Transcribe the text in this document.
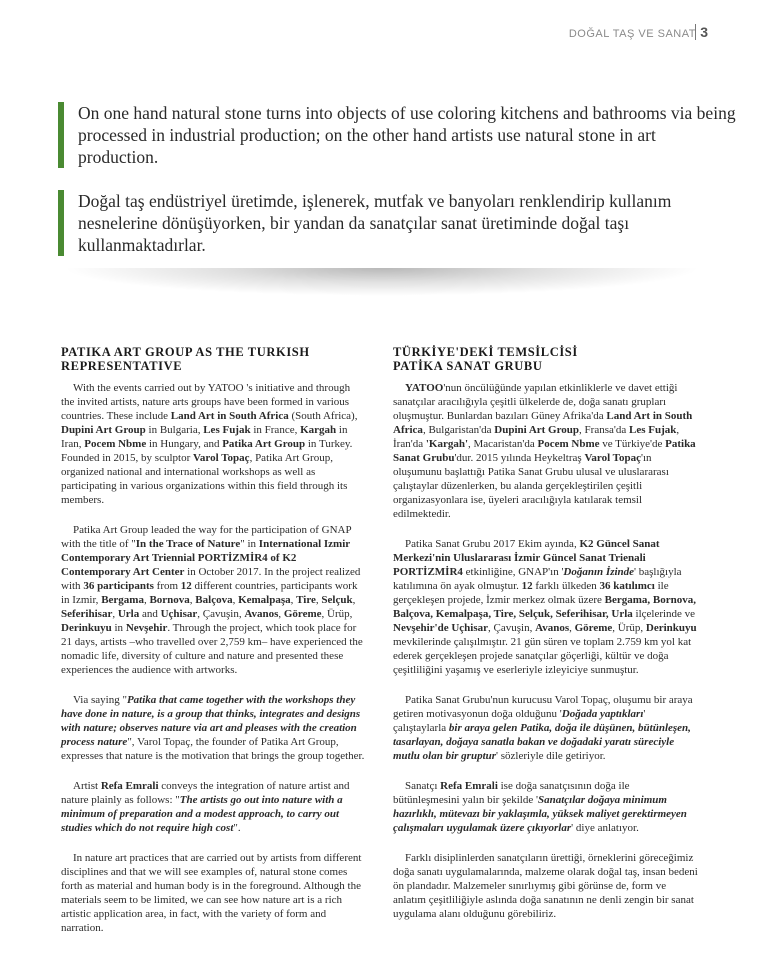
DOĞAL TAŞ VE SANAT 3
On one hand natural stone turns into objects of use coloring kitchens and bathrooms via being processed in industrial production; on the other hand artists use natural stone in art production.
Doğal taş endüstriyel üretimde, işlenerek, mutfak ve banyoları renklendirip kullanım nesnelerine dönüşüyorken, bir yandan da sanatçılar sanat üretiminde doğal taşı kullanmaktadırlar.
PATIKA ART GROUP AS THE TURKISH REPRESENTATIVE

With the events carried out by YATOO 's initiative and through the invited artists, nature arts groups have been formed in various countries. These include Land Art in South Africa (South Africa), Dupini Art Group in Bulgaria, Les Fujak in France, Kargah in Iran, Pocem Nbme in Hungary, and Patika Art Group in Turkey. Founded in 2015, by sculptor Varol Topaç, Patika Art Group, organized national and international workshops as well as participating in various organizations within this field through its members.

Patika Art Group leaded the way for the participation of GNAP with the title of "In the Trace of Nature" in International Izmir Contemporary Art Triennial PORTİZMİR4 of K2 Contemporary Art Center in October 2017. In the project realized with 36 participants from 12 different countries, participants work in Izmir, Bergama, Bornova, Balçova, Kemalpaşa, Tire, Selçuk, Seferihisar, Urla and Uçhisar, Çavuşin, Avanos, Göreme, Ürüp, Derinkuyu in Nevşehir. Through the project, which took place for 21 days, artists –who travelled over 2,759 km– have experienced the nomadic life, diversity of culture and nature and presented these experiences the audience with artworks.

Via saying "Patika that came together with the workshops they have done in nature, is a group that thinks, integrates and designs with nature; observes nature via art and pleases with the creation process nature", Varol Topaç, the founder of Patika Art Group, expresses that nature is the motivation that brings the group together.

Artist Refa Emrali conveys the integration of nature artist and nature plainly as follows: "The artists go out into nature with a minimum of preparation and a modest approach, to carry out studies which do not require high cost".

In nature art practices that are carried out by artists from different disciplines and that we will see examples of, natural stone comes forth as material and human body is in the foreground. Although the materials seem to be limited, we can see how nature art is a rich artistic application area, in fact, with the variety of form and narration.

TÜRKİYE'DEKİ TEMSİLCİSİ
PATİKA SANAT GRUBU

YATOO'nun öncülüğünde yapılan etkinliklerle ve davet ettiği sanatçılar aracılığıyla çeşitli ülkelerde de, doğa sanatı grupları oluşmuştur. Bunlardan bazıları Güney Afrika'da Land Art in South Africa, Bulgaristan'da Dupini Art Group, Fransa'da Les Fujak, İran'da 'Kargah', Macaristan'da Pocem Nbme ve Türkiye'de Patika Sanat Grubu'dur. 2015 yılında Heykeltraş Varol Topaç'ın oluşumunu başlattığı Patika Sanat Grubu ulusal ve uluslararası çalıştaylar düzenlerken, bu alanda gerçekleştirilen çeşitli organizasyonlara ise, üyeleri aracılığıyla katılarak temsil edilmektedir.

Patika Sanat Grubu 2017 Ekim ayında, K2 Güncel Sanat Merkezi'nin Uluslararası İzmir Güncel Sanat Trienali PORTİZMİR4 etkinliğine, GNAP'ın 'Doğanın İzinde' başlığıyla katılımına ön ayak olmuştur. 12 farklı ülkeden 36 katılımcı ile gerçekleşen projede, İzmir merkez olmak üzere Bergama, Bornova, Balçova, Kemalpaşa, Tire, Selçuk, Seferihisar, Urla ilçelerinde ve Nevşehir'de Uçhisar, Çavuşin, Avanos, Göreme, Ürüp, Derinkuyu mevkilerinde çalışılmıştır. 21 gün süren ve toplam 2.759 km yol kat ederek gerçekleşen projede sanatçılar göçerliği, kültür ve doğa çeşitliliğini yaşamış ve eserleriyle izleyiciye sunmuştur.

Patika Sanat Grubu'nun kurucusu Varol Topaç, oluşumu bir araya getiren motivasyonun doğa olduğunu 'Doğada yaptıkları' çalıştaylarla bir araya gelen Patika, doğa ile düşünen, bütünleşen, tasarlayan, doğaya sanatla bakan ve doğadaki yaratı süreciyle mutlu olan bir gruptur' sözleriyle dile getiriyor.

Sanatçı Refa Emrali ise doğa sanatçısının doğa ile bütünleşmesini yalın bir şekilde 'Sanatçılar doğaya minimum hazırlıklı, mütevazı bir yaklaşımla, yüksek maliyet gerektirmeyen çalışmaları uygulamak üzere çıkıyorlar' diye anlatıyor.

Farklı disiplinlerden sanatçıların ürettiği, örneklerini göreceğimiz doğa sanatı uygulamalarında, malzeme olarak doğal taş, insan bedeni ön plandadır. Malzemeler sınırlıymış gibi görünse de, form ve anlatım çeşitliliğiyle aslında doğa sanatının ne denli zengin bir sanat uygulama alanı olduğunu görebiliriz.
